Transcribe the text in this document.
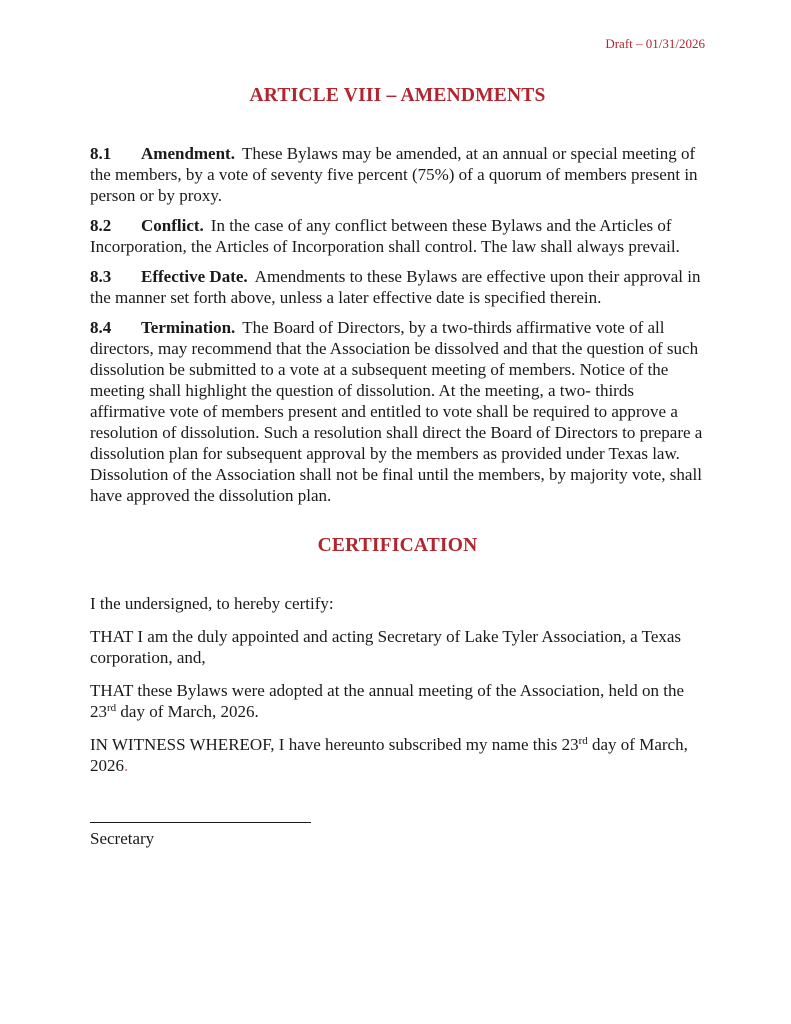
Draft – 01/31/2026
ARTICLE VIII – AMENDMENTS

8.1 Amendment. These Bylaws may be amended, at an annual or special meeting of the members, by a vote of seventy five percent (75%) of a quorum of members present in person or by proxy.

8.2 Conflict. In the case of any conflict between these Bylaws and the Articles of Incorporation, the Articles of Incorporation shall control. The law shall always prevail.

8.3 Effective Date. Amendments to these Bylaws are effective upon their approval in the manner set forth above, unless a later effective date is specified therein.

8.4 Termination. The Board of Directors, by a two-thirds affirmative vote of all directors, may recommend that the Association be dissolved and that the question of such dissolution be submitted to a vote at a subsequent meeting of members. Notice of the meeting shall highlight the question of dissolution. At the meeting, a two- thirds affirmative vote of members present and entitled to vote shall be required to approve a resolution of dissolution. Such a resolution shall direct the Board of Directors to prepare a dissolution plan for subsequent approval by the members as provided under Texas law. Dissolution of the Association shall not be final until the members, by majority vote, shall have approved the dissolution plan.

CERTIFICATION

I the undersigned, to hereby certify:

THAT I am the duly appointed and acting Secretary of Lake Tyler Association, a Texas corporation, and,

THAT these Bylaws were adopted at the annual meeting of the Association, held on the 23rd day of March, 2026.

IN WITNESS WHEREOF, I have hereunto subscribed my name this 23rd day of March, 2026.

Secretary
